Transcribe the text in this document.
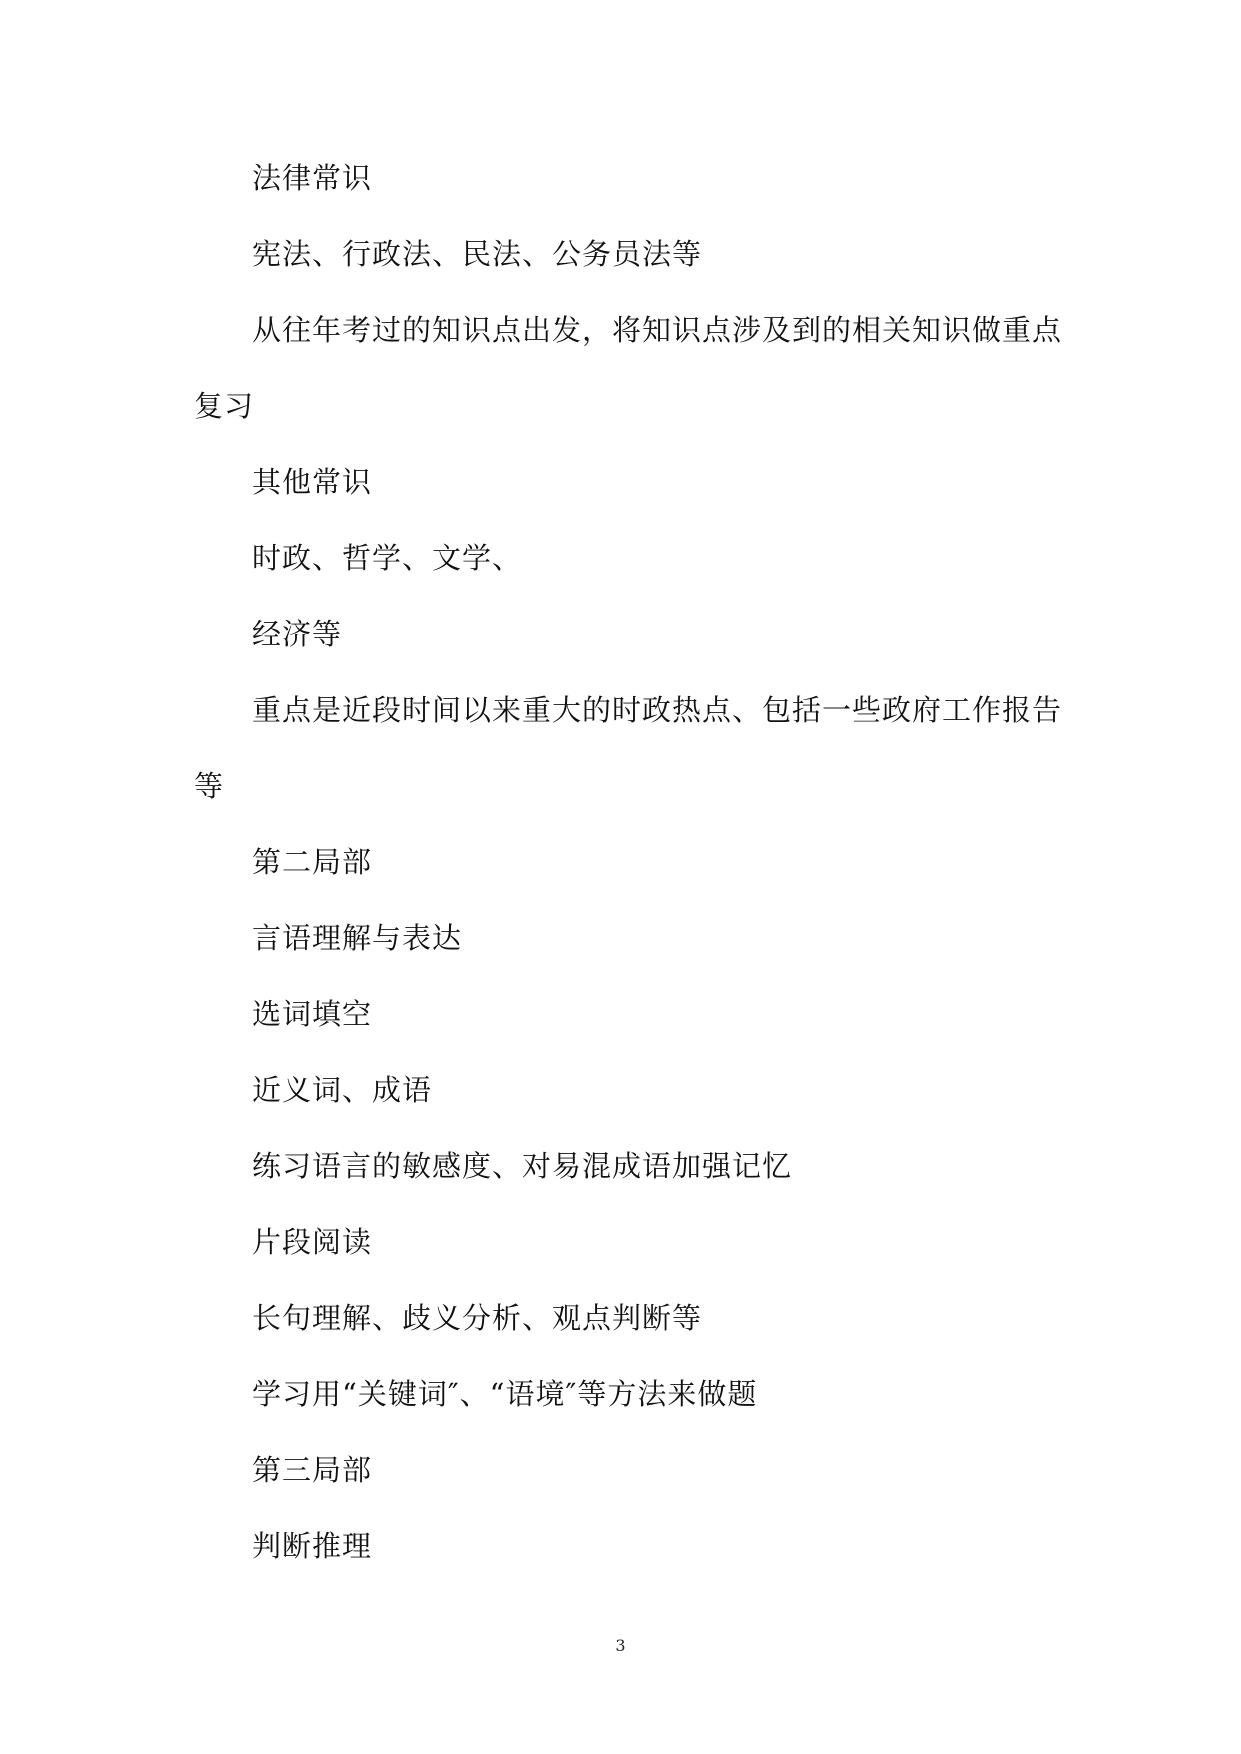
法律常识

宪法、行政法、民法、公务员法等

从往年考过的知识点出发，将知识点涉及到的相关知识做重点

复习

其他常识

时政、哲学、文学、

经济等

重点是近段时间以来重大的时政热点、包括一些政府工作报告

等

第二局部

言语理解与表达

选词填空

近义词、成语

练习语言的敏感度、对易混成语加强记忆

片段阅读

长句理解、歧义分析、观点判断等

学习用“关键词″、“语境″等方法来做题

第三局部

判断推理

3
